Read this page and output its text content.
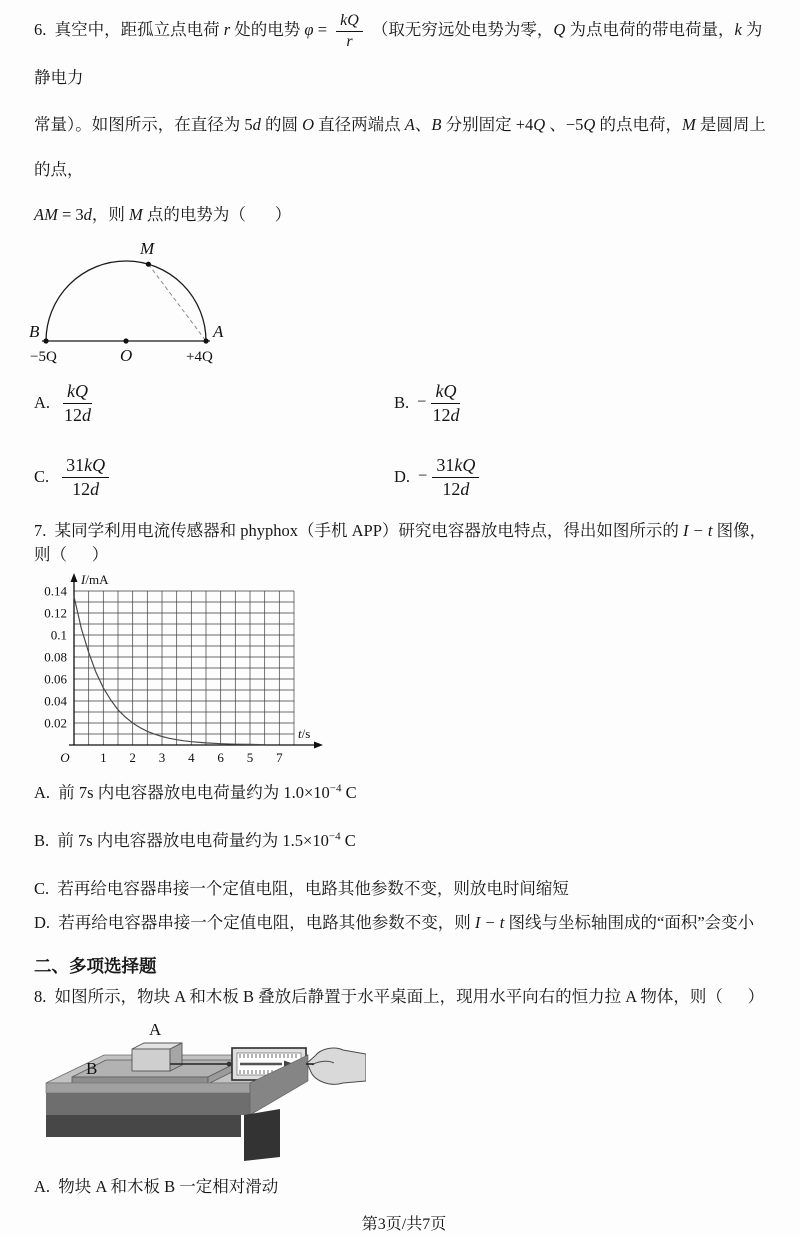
6.  真空中，距孤立点电荷 r 处的电势 $\varphi = \frac{kQ}{r}$ （取无穷远处电势为零，Q 为点电荷的带电荷量，k 为静电力
常量）。如图所示，在直径为 5d 的圆 O 直径两端点 A、B 分别固定 +4Q 、−5Q 的点电荷，M 是圆周上的点，
AM = 3d，则 M 点的电势为（       ）
M
B
O
A
−5Q	+4Q
A. $\frac{kQ}{12d}$	B. − $\frac{kQ}{12d}$
C. $\frac{31kQ}{12d}$	D. − $\frac{31kQ}{12d}$
7.  某同学利用电流传感器和 phyphox（手机 APP）研究电容器放电特点，得出如图所示的 I − t 图像，则（      ）
0.02
0.04
0.06
0.08
0.1
0.12
0.14
1 2 3 4 6 5 7
O
I/mA
t/s
A.  前 7s 内电容器放电电荷量约为 $1.0\times 10^{-4}$ C
B.  前 7s 内电容器放电电荷量约为 $1.5\times 10^{-4}$ C
C.  若再给电容器串接一个定值电阻，电路其他参数不变，则放电时间缩短
D.  若再给电容器串接一个定值电阻，电路其他参数不变，则 I − t 图线与坐标轴围成的“面积”会变小
二、多项选择题
8.  如图所示，物块 A 和木板 B 叠放后静置于水平桌面上，现用水平向右的恒力拉 A 物体，则（      ）
A
B
A.  物块 A 和木板 B 一定相对滑动
第3页/共7页
